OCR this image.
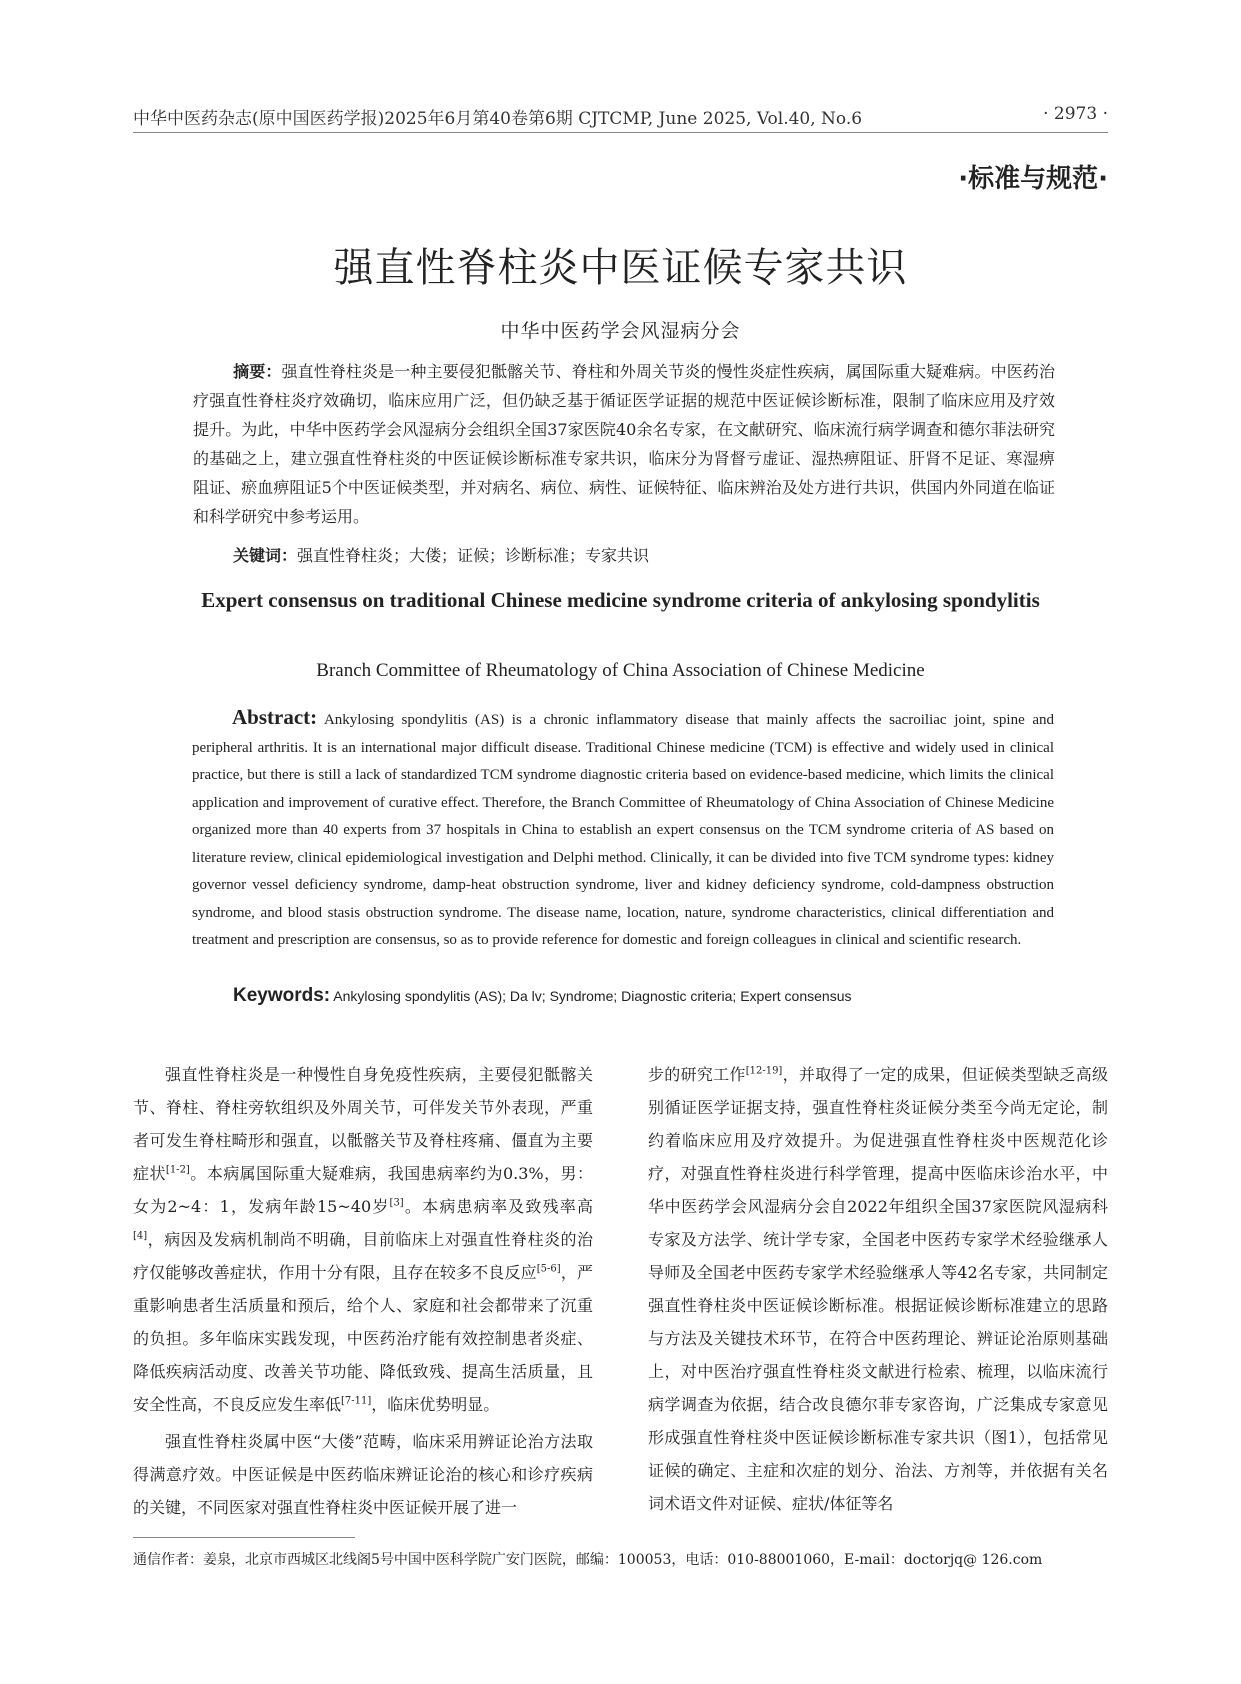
中华中医药杂志(原中国医药学报)2025年6月第40卷第6期 CJTCMP, June 2025, Vol.40, No.6	· 2973 ·
·标准与规范·
强直性脊柱炎中医证候专家共识
中华中医药学会风湿病分会
摘要：强直性脊柱炎是一种主要侵犯骶髂关节、脊柱和外周关节炎的慢性炎症性疾病，属国际重大疑难病。中医药治疗强直性脊柱炎疗效确切，临床应用广泛，但仍缺乏基于循证医学证据的规范中医证候诊断标准，限制了临床应用及疗效提升。为此，中华中医药学会风湿病分会组织全国37家医院40余名专家，在文献研究、临床流行病学调查和德尔菲法研究的基础之上，建立强直性脊柱炎的中医证候诊断标准专家共识，临床分为肾督亏虚证、湿热痹阻证、肝肾不足证、寒湿痹阻证、瘀血痹阻证5个中医证候类型，并对病名、病位、病性、证候特征、临床辨治及处方进行共识，供国内外同道在临证和科学研究中参考运用。
关键词：强直性脊柱炎；大偻；证候；诊断标准；专家共识
Expert consensus on traditional Chinese medicine syndrome criteria of ankylosing spondylitis
Branch Committee of Rheumatology of China Association of Chinese Medicine
Abstract: Ankylosing spondylitis (AS) is a chronic inflammatory disease that mainly affects the sacroiliac joint, spine and peripheral arthritis. It is an international major difficult disease. Traditional Chinese medicine (TCM) is effective and widely used in clinical practice, but there is still a lack of standardized TCM syndrome diagnostic criteria based on evidence-based medicine, which limits the clinical application and improvement of curative effect. Therefore, the Branch Committee of Rheumatology of China Association of Chinese Medicine organized more than 40 experts from 37 hospitals in China to establish an expert consensus on the TCM syndrome criteria of AS based on literature review, clinical epidemiological investigation and Delphi method. Clinically, it can be divided into five TCM syndrome types: kidney governor vessel deficiency syndrome, damp-heat obstruction syndrome, liver and kidney deficiency syndrome, cold-dampness obstruction syndrome, and blood stasis obstruction syndrome. The disease name, location, nature, syndrome characteristics, clinical differentiation and treatment and prescription are consensus, so as to provide reference for domestic and foreign colleagues in clinical and scientific research.
Keywords: Ankylosing spondylitis (AS); Da lv; Syndrome; Diagnostic criteria; Expert consensus

强直性脊柱炎是一种慢性自身免疫性疾病，主要侵犯骶髂关节、脊柱、脊柱旁软组织及外周关节，可伴发关节外表现，严重者可发生脊柱畸形和强直，以骶髂关节及脊柱疼痛、僵直为主要症状[1-2]。本病属国际重大疑难病，我国患病率约为0.3%，男：女为2~4：1，发病年龄15~40岁[3]。本病患病率及致残率高[4]，病因及发病机制尚不明确，目前临床上对强直性脊柱炎的治疗仅能够改善症状，作用十分有限，且存在较多不良反应[5-6]，严重影响患者生活质量和预后，给个人、家庭和社会都带来了沉重的负担。多年临床实践发现，中医药治疗能有效控制患者炎症、降低疾病活动度、改善关节功能、降低致残、提高生活质量，且安全性高，不良反应发生率低[7-11]，临床优势明显。

强直性脊柱炎属中医“大偻”范畴，临床采用辨证论治方法取得满意疗效。中医证候是中医药临床辨证论治的核心和诊疗疾病的关键，不同医家对强直性脊柱炎中医证候开展了进一

步的研究工作[12-19]，并取得了一定的成果，但证候类型缺乏高级别循证医学证据支持，强直性脊柱炎证候分类至今尚无定论，制约着临床应用及疗效提升。为促进强直性脊柱炎中医规范化诊疗，对强直性脊柱炎进行科学管理，提高中医临床诊治水平，中华中医药学会风湿病分会自2022年组织全国37家医院风湿病科专家及方法学、统计学专家，全国老中医药专家学术经验继承人导师及全国老中医药专家学术经验继承人等42名专家，共同制定强直性脊柱炎中医证候诊断标准。根据证候诊断标准建立的思路与方法及关键技术环节，在符合中医药理论、辨证论治原则基础上，对中医治疗强直性脊柱炎文献进行检索、梳理，以临床流行病学调查为依据，结合改良德尔菲专家咨询，广泛集成专家意见形成强直性脊柱炎中医证候诊断标准专家共识（图1），包括常见证候的确定、主症和次症的划分、治法、方剂等，并依据有关名词术语文件对证候、症状/体征等名

通信作者：姜泉，北京市西城区北线阁5号中国中医科学院广安门医院，邮编：100053，电话：010-88001060，E-mail：doctorjq@ 126.com
